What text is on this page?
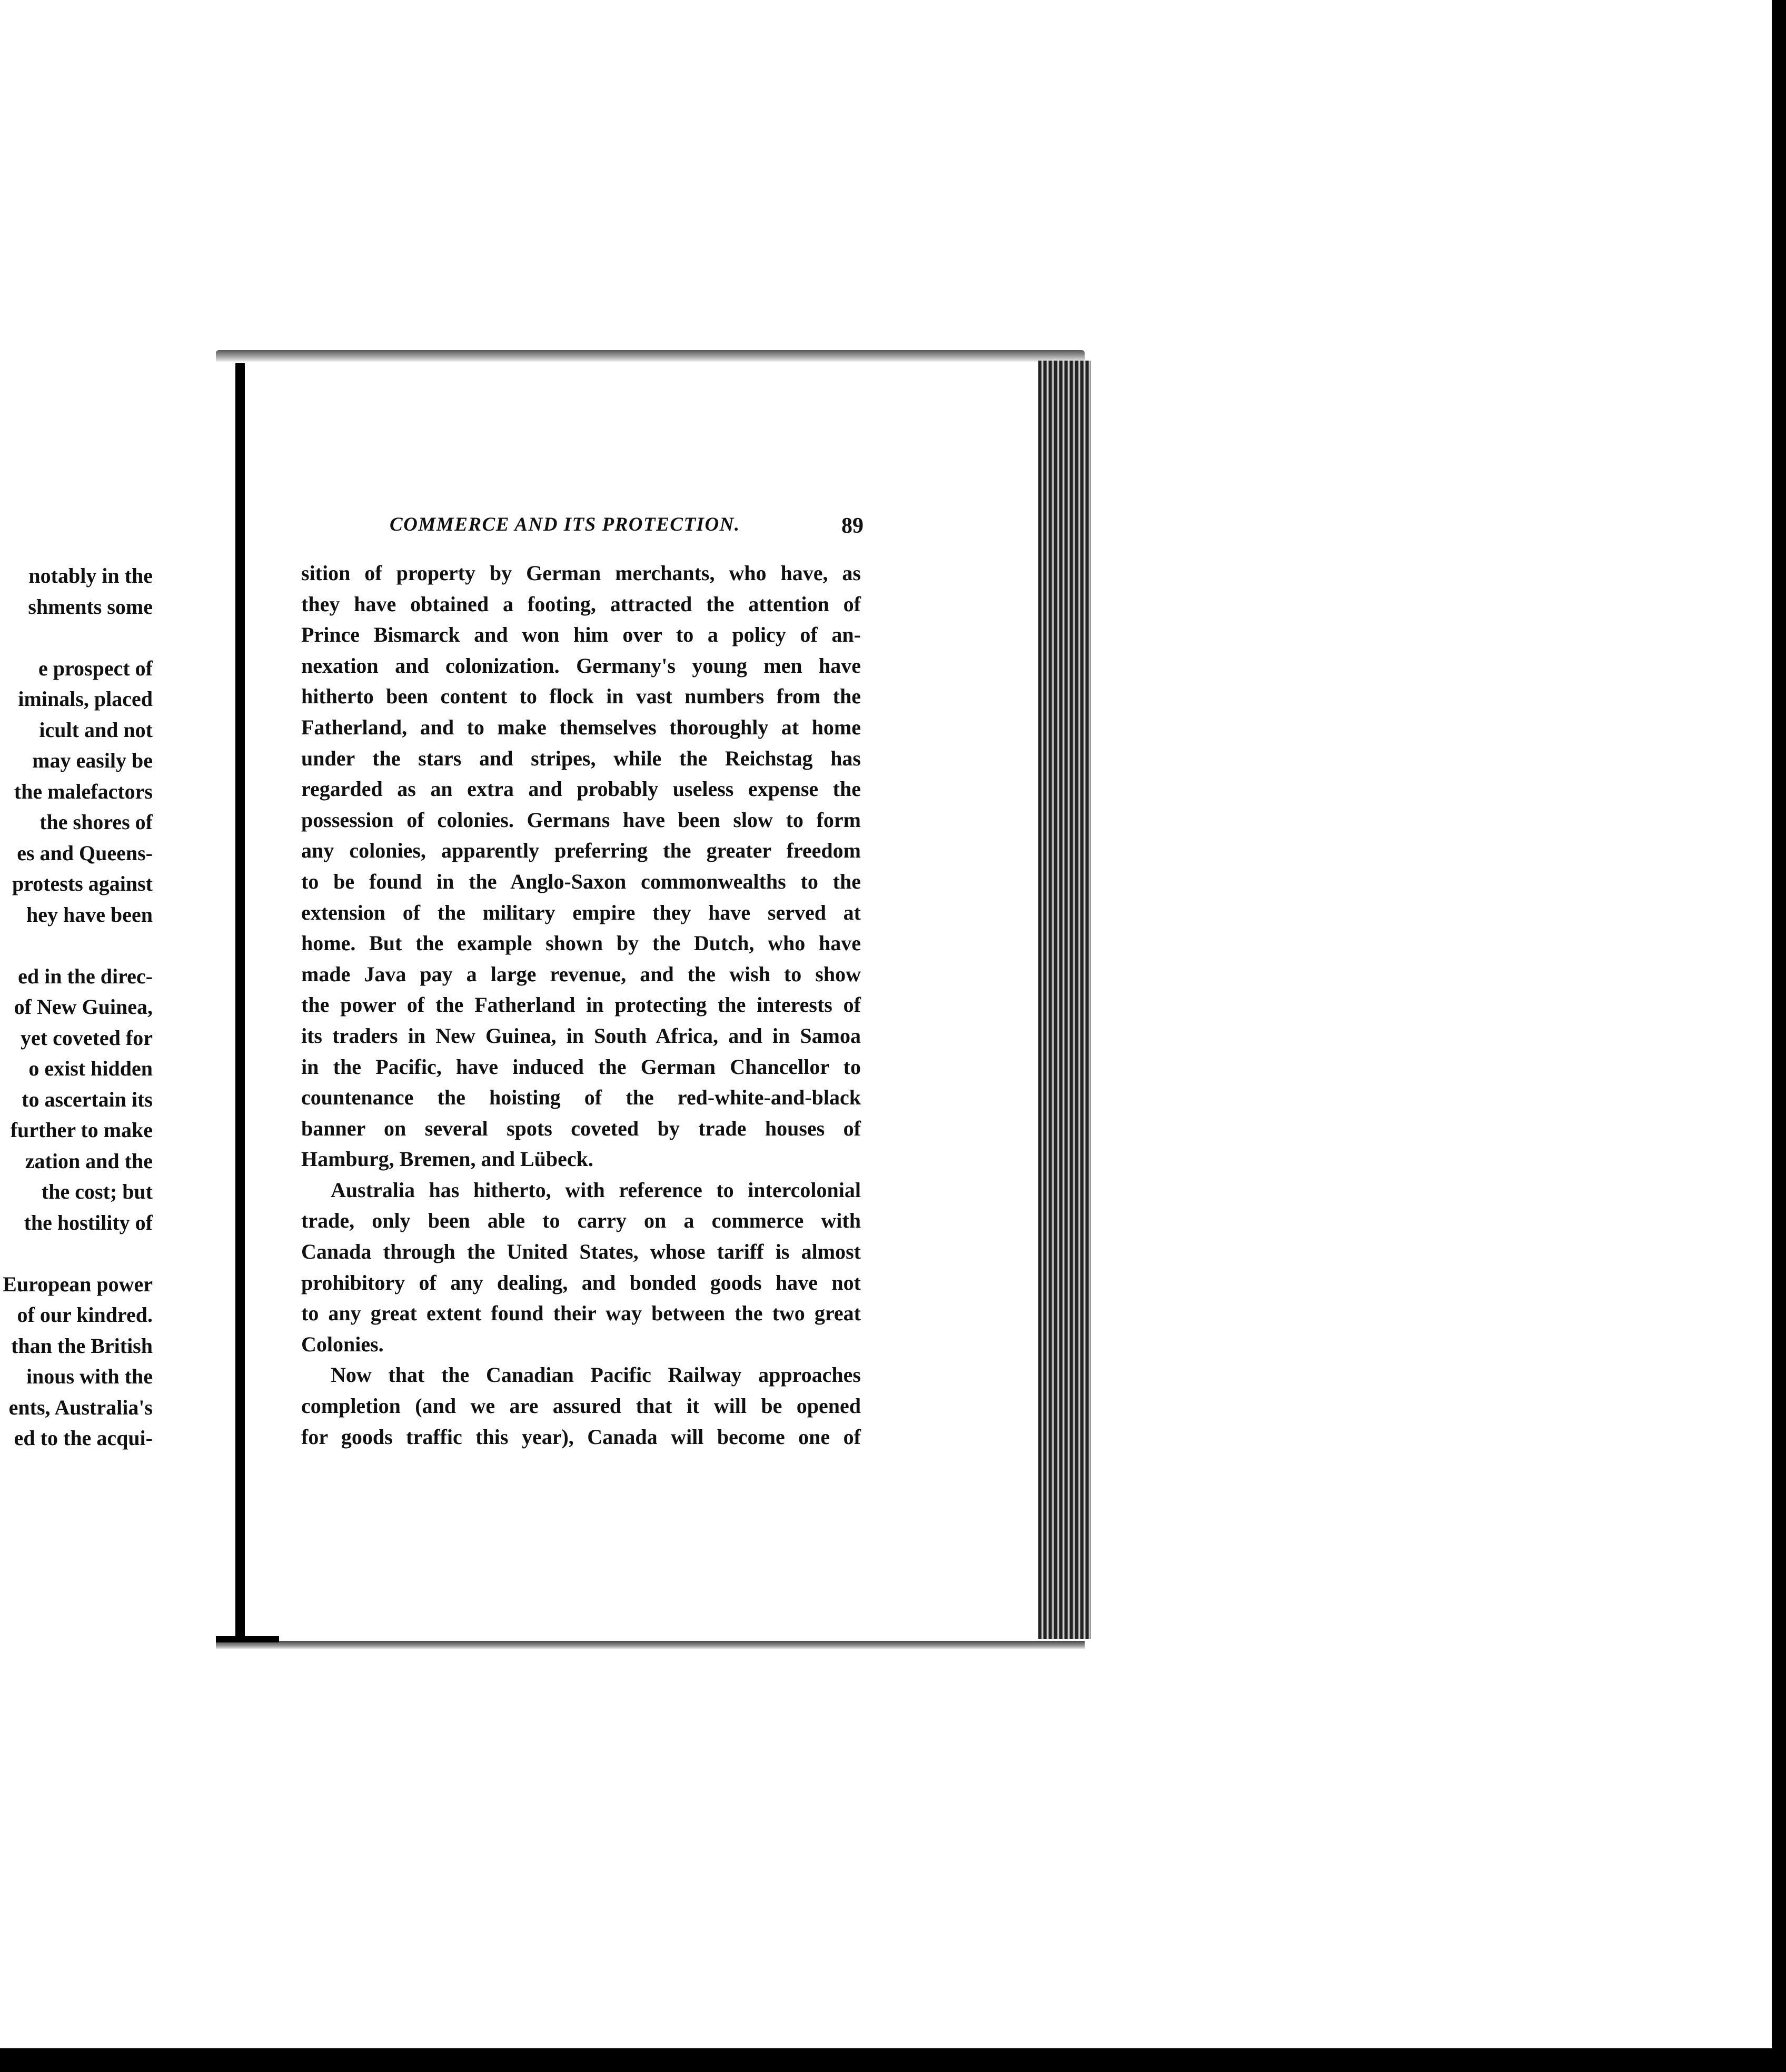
notably in the
shments some
e prospect of
iminals, placed
icult and not
may easily be
the malefactors
the shores of
es and Queens-
protests against
hey have been
ed in the direc-
of New Guinea,
yet coveted for
o exist hidden
to ascertain its
further to make
zation and the
the cost; but
the hostility of
European power
of our kindred.
than the British
inous with the
ents, Australia's
ed to the acqui-
COMMERCE AND ITS PROTECTION.	89
sition of property by German merchants, who have, as
they have obtained a footing, attracted the attention of
Prince Bismarck and won him over to a policy of an-
nexation and colonization. Germany's young men have
hitherto been content to flock in vast numbers from the
Fatherland, and to make themselves thoroughly at home
under the stars and stripes, while the Reichstag has
regarded as an extra and probably useless expense the
possession of colonies. Germans have been slow to form
any colonies, apparently preferring the greater freedom
to be found in the Anglo-Saxon commonwealths to the
extension of the military empire they have served at
home. But the example shown by the Dutch, who have
made Java pay a large revenue, and the wish to show
the power of the Fatherland in protecting the interests of
its traders in New Guinea, in South Africa, and in Samoa
in the Pacific, have induced the German Chancellor to
countenance the hoisting of the red-white-and-black
banner on several spots coveted by trade houses of
Hamburg, Bremen, and Lübeck.
Australia has hitherto, with reference to intercolonial
trade, only been able to carry on a commerce with
Canada through the United States, whose tariff is almost
prohibitory of any dealing, and bonded goods have not
to any great extent found their way between the two great
Colonies.
Now that the Canadian Pacific Railway approaches
completion (and we are assured that it will be opened
for goods traffic this year), Canada will become one of
